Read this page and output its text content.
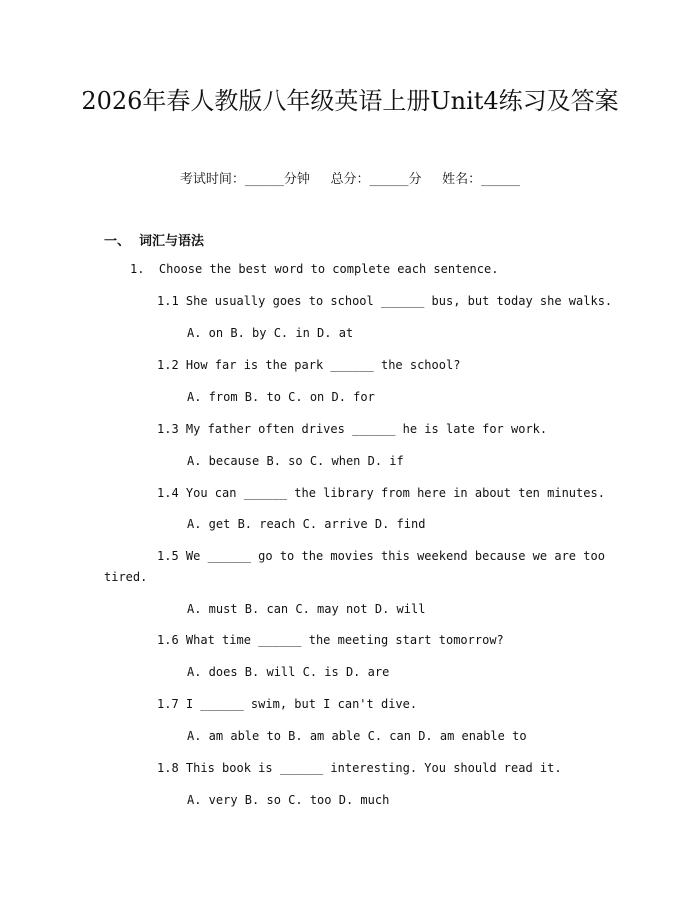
2026年春人教版八年级英语上册Unit4练习及答案
考试时间：______分钟     总分：______分     姓名：______
一、  词汇与语法
1.  Choose the best word to complete each sentence.
1.1 She usually goes to school ______ bus, but today she walks.
A. on B. by C. in D. at
1.2 How far is the park ______ the school?
A. from B. to C. on D. for
1.3 My father often drives ______ he is late for work.
A. because B. so C. when D. if
1.4 You can ______ the library from here in about ten minutes.
A. get B. reach C. arrive D. find
1.5 We ______ go to the movies this weekend because we are too
tired.
A. must B. can C. may not D. will
1.6 What time ______ the meeting start tomorrow?
A. does B. will C. is D. are
1.7 I ______ swim, but I can't dive.
A. am able to B. am able C. can D. am enable to
1.8 This book is ______ interesting. You should read it.
A. very B. so C. too D. much
